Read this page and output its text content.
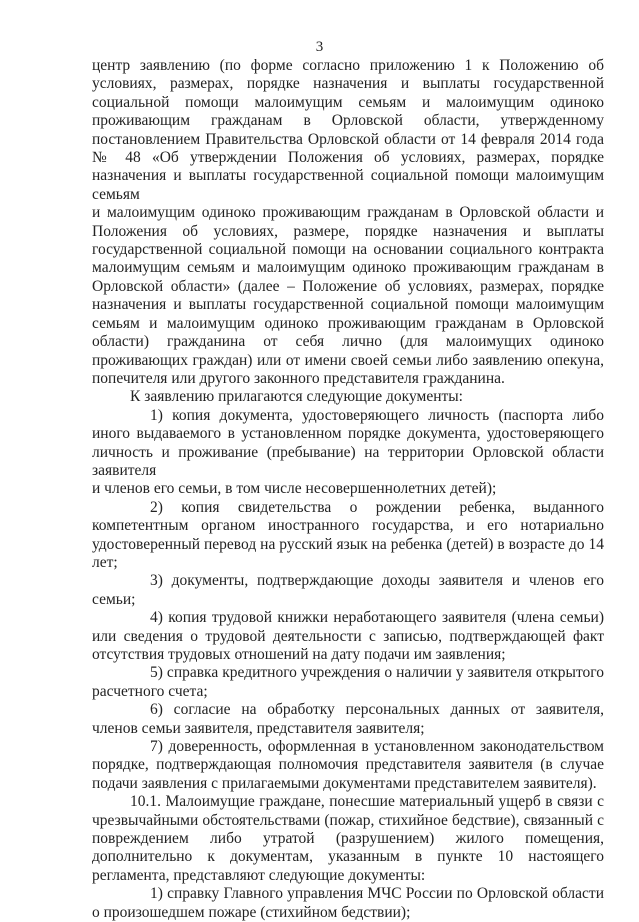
3

центр заявлению (по форме согласно приложению 1 к Положению об условиях, размерах, порядке назначения и выплаты государственной социальной помощи малоимущим семьям и малоимущим одиноко проживающим гражданам в Орловской области, утвержденному постановлением Правительства Орловской области от 14 февраля 2014 года № 48 «Об утверждении Положения об условиях, размерах, порядке назначения и выплаты государственной социальной помощи малоимущим семьям

и малоимущим одиноко проживающим гражданам в Орловской области и Положения об условиях, размере, порядке назначения и выплаты государственной социальной помощи на основании социального контракта малоимущим семьям и малоимущим одиноко проживающим гражданам в Орловской области» (далее – Положение об условиях, размерах, порядке назначения и выплаты государственной социальной помощи малоимущим семьям и малоимущим одиноко проживающим гражданам в Орловской области) гражданина от себя лично (для малоимущих одиноко проживающих граждан) или от имени своей семьи либо заявлению опекуна, попечителя или другого законного представителя гражданина.

К заявлению прилагаются следующие документы:

1) копия документа, удостоверяющего личность (паспорта либо иного выдаваемого в установленном порядке документа, удостоверяющего личность и проживание (пребывание) на территории Орловской области заявителя

и членов его семьи, в том числе несовершеннолетних детей);

2) копия свидетельства о рождении ребенка, выданного компетентным органом иностранного государства, и его нотариально удостоверенный перевод на русский язык на ребенка (детей) в возрасте до 14 лет;

3) документы, подтверждающие доходы заявителя и членов его семьи;

4) копия трудовой книжки неработающего заявителя (члена семьи) или сведения о трудовой деятельности с записью, подтверждающей факт отсутствия трудовых отношений на дату подачи им заявления;

5) справка кредитного учреждения о наличии у заявителя открытого расчетного счета;

6) согласие на обработку персональных данных от заявителя, членов семьи заявителя, представителя заявителя;

7) доверенность, оформленная в установленном законодательством порядке, подтверждающая полномочия представителя заявителя (в случае подачи заявления с прилагаемыми документами представителем заявителя).

10.1. Малоимущие граждане, понесшие материальный ущерб в связи с чрезвычайными обстоятельствами (пожар, стихийное бедствие), связанный с повреждением либо утратой (разрушением) жилого помещения, дополнительно к документам, указанным в пункте 10 настоящего регламента, представляют следующие документы:

1) справку Главного управления МЧС России по Орловской области о произошедшем пожаре (стихийном бедствии);
